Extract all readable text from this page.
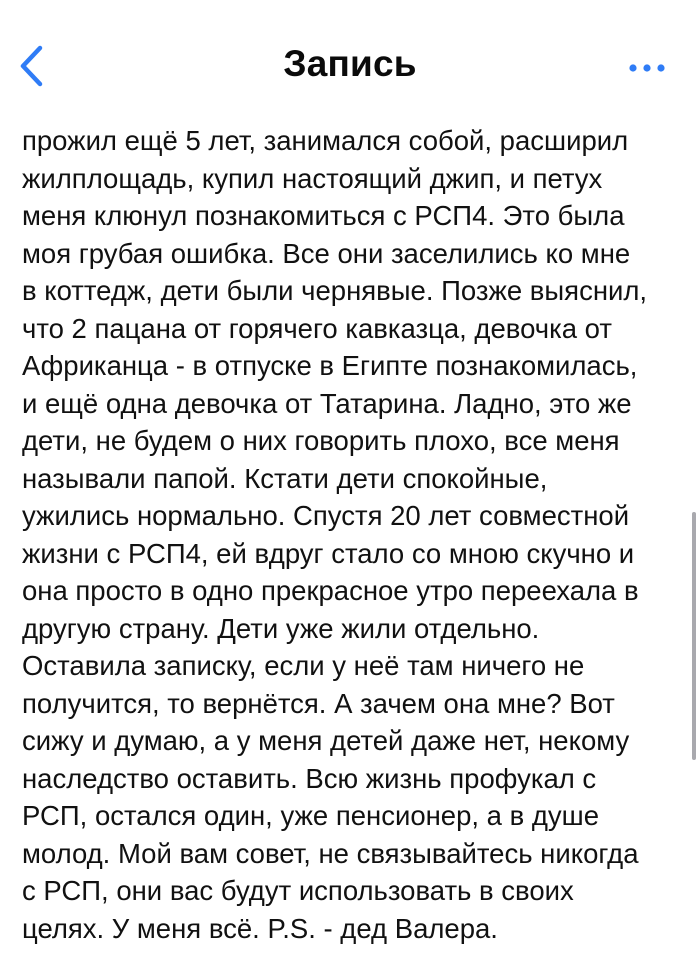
Запись

прожил ещё 5 лет, занимался собой, расширил
жилплощадь, купил настоящий джип, и петух
меня клюнул познакомиться с РСП4. Это была
моя грубая ошибка. Все они заселились ко мне
в коттедж, дети были чернявые. Позже выяснил,
что 2 пацана от горячего кавказца, девочка от
Африканца - в отпуске в Египте познакомилась,
и ещё одна девочка от Татарина. Ладно, это же
дети, не будем о них говорить плохо, все меня
называли папой. Кстати дети спокойные,
ужились нормально. Спустя 20 лет совместной
жизни с РСП4, ей вдруг стало со мною скучно и
она просто в одно прекрасное утро переехала в
другую страну. Дети уже жили отдельно.
Оставила записку, если у неё там ничего не
получится, то вернётся. А зачем она мне? Вот
сижу и думаю, а у меня детей даже нет, некому
наследство оставить. Всю жизнь профукал с
РСП, остался один, уже пенсионер, а в душе
молод. Мой вам совет, не связывайтесь никогда
с РСП, они вас будут использовать в своих
целях. У меня всё. P.S. - дед Валера.
